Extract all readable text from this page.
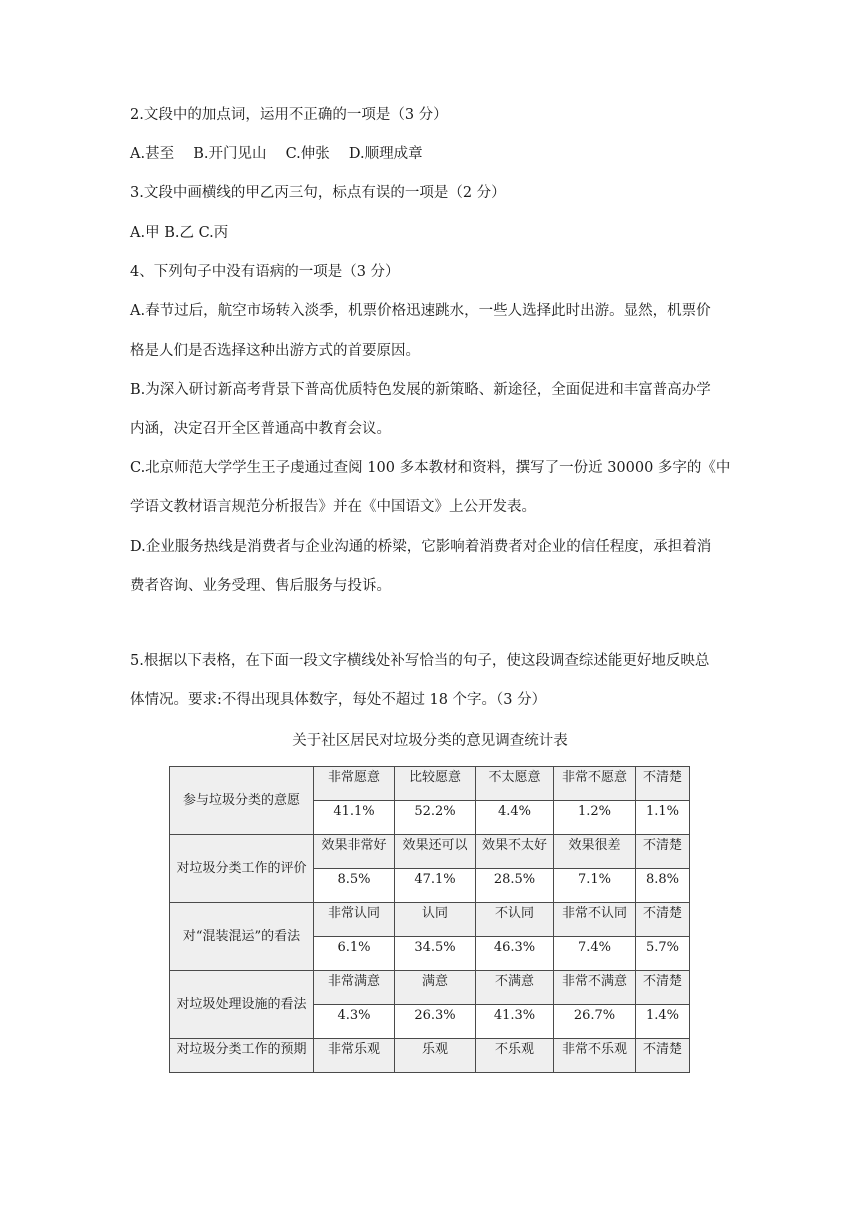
2.文段中的加点词，运用不正确的一项是（3 分）
A.甚至　 B.开门见山　 C.伸张　 D.顺理成章
3.文段中画横线的甲乙丙三句，标点有误的一项是（2 分）
A.甲 B.乙 C.丙
4、下列句子中没有语病的一项是（3 分）
A.春节过后，航空市场转入淡季，机票价格迅速跳水，一些人选择此时出游。显然，机票价
格是人们是否选择这种出游方式的首要原因。
B.为深入研讨新高考背景下普高优质特色发展的新策略、新途径，全面促进和丰富普高办学
内涵，决定召开全区普通高中教育会议。
C.北京师范大学学生王子虔通过查阅 100 多本教材和资料，撰写了一份近 30000 多字的《中
学语文教材语言规范分析报告》并在《中国语文》上公开发表。
D.企业服务热线是消费者与企业沟通的桥梁，它影响着消费者对企业的信任程度，承担着消
费者咨询、业务受理、售后服务与投诉。
5.根据以下表格，在下面一段文字横线处补写恰当的句子，使这段调查综述能更好地反映总
体情况。要求:不得出现具体数字，每处不超过 18 个字。（3 分）
关于社区居民对垃圾分类的意见调查统计表
参与垃圾分类的意愿	非常愿意	比较愿意	不太愿意	非常不愿意	不清楚
	41.1%	52.2%	4.4%	1.2%	1.1%
对垃圾分类工作的评价	效果非常好	效果还可以	效果不太好	效果很差	不清楚
	8.5%	47.1%	28.5%	7.1%	8.8%
对“混装混运”的看法	非常认同	认同	不认同	非常不认同	不清楚
	6.1%	34.5%	46.3%	7.4%	5.7%
对垃圾处理设施的看法	非常满意	满意	不满意	非常不满意	不清楚
	4.3%	26.3%	41.3%	26.7%	1.4%
对垃圾分类工作的预期	非常乐观	乐观	不乐观	非常不乐观	不清楚
